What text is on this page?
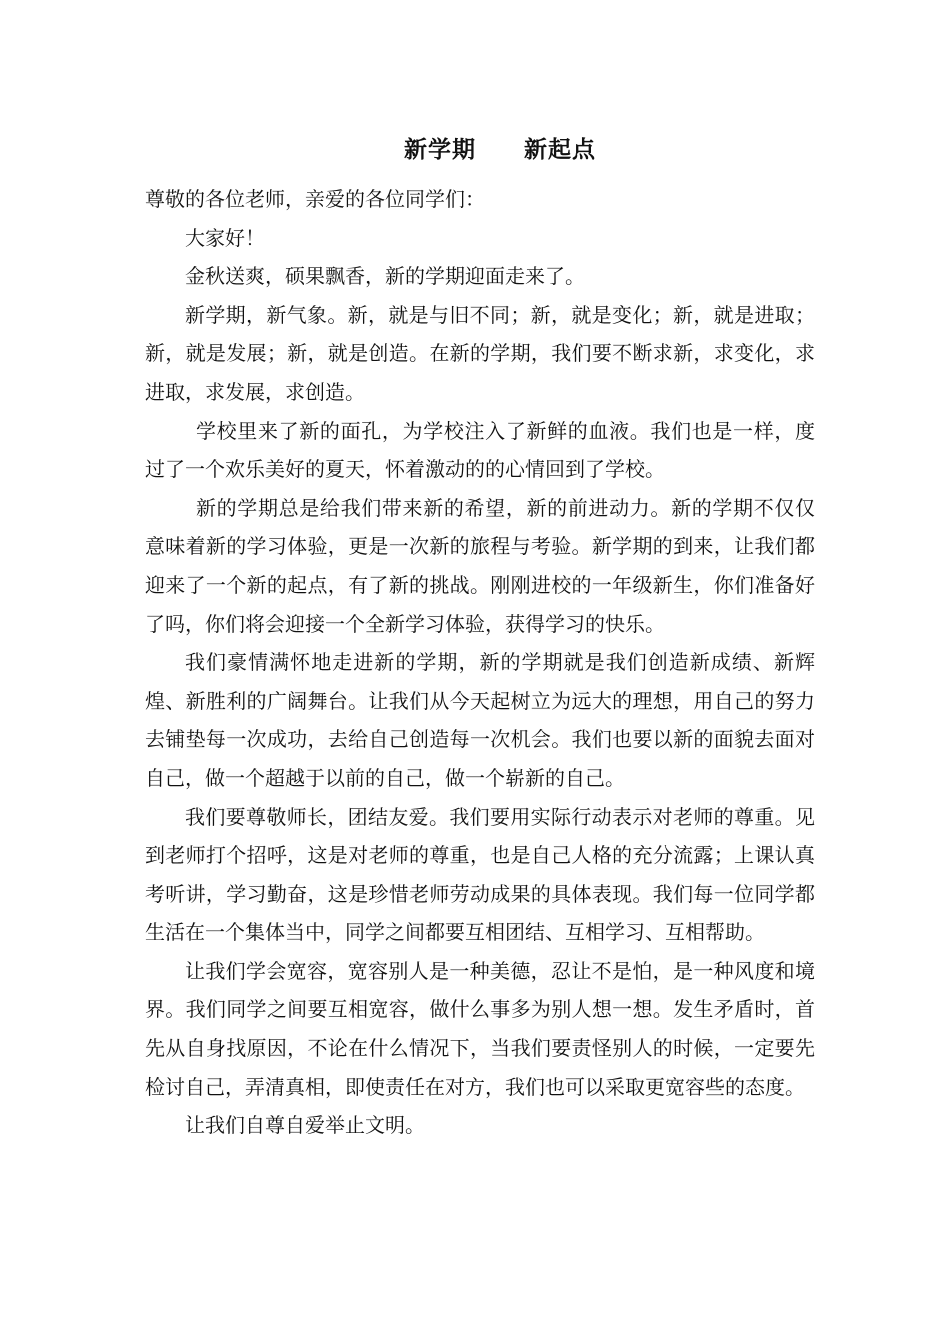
新学期　　新起点

尊敬的各位老师，亲爱的各位同学们：

大家好！

金秋送爽，硕果飘香，新的学期迎面走来了。

新学期，新气象。新，就是与旧不同；新，就是变化；新，就是进取；新，就是发展；新，就是创造。在新的学期，我们要不断求新，求变化，求进取，求发展，求创造。

学校里来了新的面孔，为学校注入了新鲜的血液。我们也是一样，度过了一个欢乐美好的夏天，怀着激动的的心情回到了学校。

新的学期总是给我们带来新的希望，新的前进动力。新的学期不仅仅意味着新的学习体验，更是一次新的旅程与考验。新学期的到来，让我们都迎来了一个新的起点，有了新的挑战。刚刚进校的一年级新生，你们准备好了吗，你们将会迎接一个全新学习体验，获得学习的快乐。

我们豪情满怀地走进新的学期，新的学期就是我们创造新成绩、新辉煌、新胜利的广阔舞台。让我们从今天起树立为远大的理想，用自己的努力去铺垫每一次成功，去给自己创造每一次机会。我们也要以新的面貌去面对自己，做一个超越于以前的自己，做一个崭新的自己。

我们要尊敬师长，团结友爱。我们要用实际行动表示对老师的尊重。见到老师打个招呼，这是对老师的尊重，也是自己人格的充分流露；上课认真考听讲，学习勤奋，这是珍惜老师劳动成果的具体表现。我们每一位同学都生活在一个集体当中，同学之间都要互相团结、互相学习、互相帮助。

让我们学会宽容，宽容别人是一种美德，忍让不是怕，是一种风度和境界。我们同学之间要互相宽容，做什么事多为别人想一想。发生矛盾时，首先从自身找原因，不论在什么情况下，当我们要责怪别人的时候，一定要先检讨自己，弄清真相，即使责任在对方，我们也可以采取更宽容些的态度。

让我们自尊自爱举止文明。
